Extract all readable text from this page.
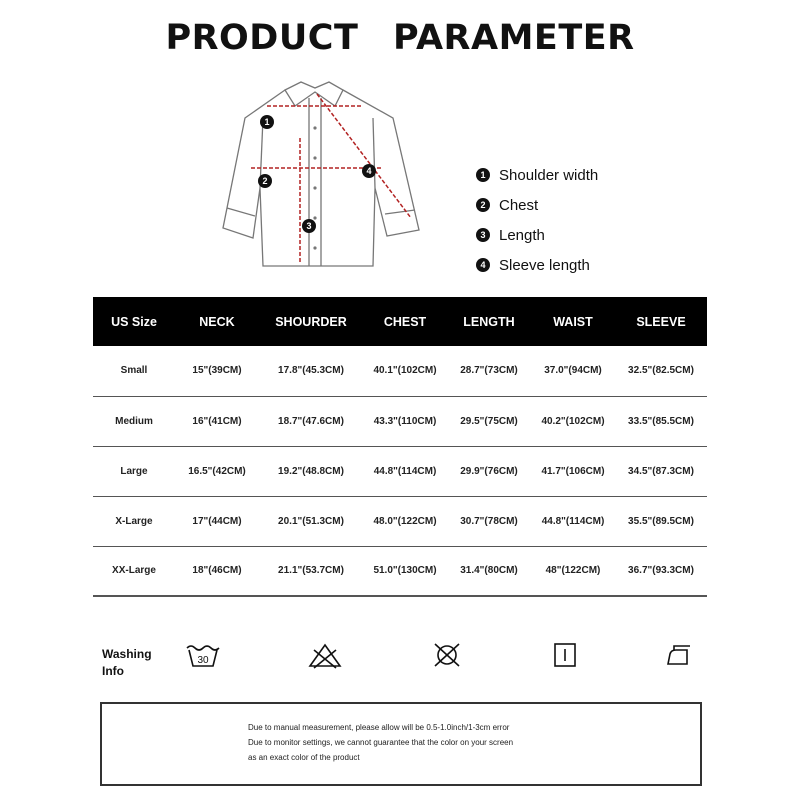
PRODUCT PARAMETER
1
2
3
4	1 Shoulder width
2 Chest
3 Length
4 Sleeve length
US Size	NECK	SHOURDER	CHEST	LENGTH	WAIST	SLEEVE
Small	15"(39CM)	17.8"(45.3CM)	40.1"(102CM)	28.7"(73CM)	37.0"(94CM)	32.5"(82.5CM)
Medium	16"(41CM)	18.7"(47.6CM)	43.3"(110CM)	29.5"(75CM)	40.2"(102CM)	33.5"(85.5CM)
Large	16.5"(42CM)	19.2"(48.8CM)	44.8"(114CM)	29.9"(76CM)	41.7"(106CM)	34.5"(87.3CM)
X-Large	17"(44CM)	20.1"(51.3CM)	48.0"(122CM)	30.7"(78CM)	44.8"(114CM)	35.5"(89.5CM)
XX-Large	18"(46CM)	21.1"(53.7CM)	51.0"(130CM)	31.4"(80CM)	48"(122CM)	36.7"(93.3CM)
Washing
Info
30
Due to manual measurement, please allow will be 0.5-1.0inch/1-3cm error
Due to monitor settings, we cannot guarantee that the color on your screen
as an exact color of the product
